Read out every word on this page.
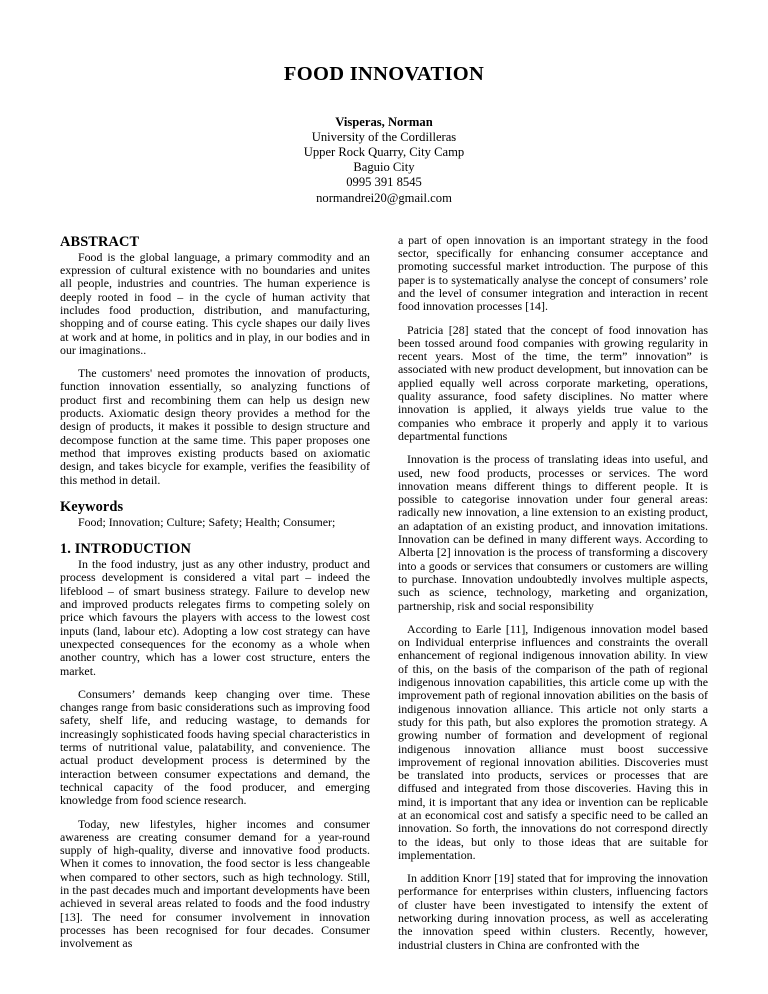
FOOD INNOVATION
Visperas, Norman
University of the Cordilleras
Upper Rock Quarry, City Camp
Baguio City
0995 391 8545
normandrei20@gmail.com
ABSTRACT

Food is the global language, a primary commodity and an expression of cultural existence with no boundaries and unites all people, industries and countries. The human experience is deeply rooted in food – in the cycle of human activity that includes food production, distribution, and manufacturing, shopping and of course eating. This cycle shapes our daily lives at work and at home, in politics and in play, in our bodies and in our imaginations..

The customers' need promotes the innovation of products, function innovation essentially, so analyzing functions of product first and recombining them can help us design new products. Axiomatic design theory provides a method for the design of products, it makes it possible to design structure and decompose function at the same time. This paper proposes one method that improves existing products based on axiomatic design, and takes bicycle for example, verifies the feasibility of this method in detail.

Keywords

Food; Innovation; Culture; Safety; Health; Consumer;

1. INTRODUCTION

In the food industry, just as any other industry, product and process development is considered a vital part – indeed the lifeblood – of smart business strategy. Failure to develop new and improved products relegates firms to competing solely on price which favours the players with access to the lowest cost inputs (land, labour etc). Adopting a low cost strategy can have unexpected consequences for the economy as a whole when another country, which has a lower cost structure, enters the market.

Consumers’ demands keep changing over time. These changes range from basic considerations such as improving food safety, shelf life, and reducing wastage, to demands for increasingly sophisticated foods having special characteristics in terms of nutritional value, palatability, and convenience. The actual product development process is determined by the interaction between consumer expectations and demand, the technical capacity of the food producer, and emerging knowledge from food science research.

Today, new lifestyles, higher incomes and consumer awareness are creating consumer demand for a year-round supply of high-quality, diverse and innovative food products. When it comes to innovation, the food sector is less changeable when compared to other sectors, such as high technology. Still, in the past decades much and important developments have been achieved in several areas related to foods and the food industry [13]. The need for consumer involvement in innovation processes has been recognised for four decades. Consumer involvement as

a part of open innovation is an important strategy in the food sector, specifically for enhancing consumer acceptance and promoting successful market introduction. The purpose of this paper is to systematically analyse the concept of consumers’ role and the level of consumer integration and interaction in recent food innovation processes [14].

Patricia [28] stated that the concept of food innovation has been tossed around food companies with growing regularity in recent years. Most of the time, the term” innovation” is associated with new product development, but innovation can be applied equally well across corporate marketing, operations, quality assurance, food safety disciplines. No matter where innovation is applied, it always yields true value to the companies who embrace it properly and apply it to various departmental functions

Innovation is the process of translating ideas into useful, and used, new food products, processes or services. The word innovation means different things to different people. It is possible to categorise innovation under four general areas: radically new innovation, a line extension to an existing product, an adaptation of an existing product, and innovation imitations. Innovation can be defined in many different ways. According to Alberta [2] innovation is the process of transforming a discovery into a goods or services that consumers or customers are willing to purchase. Innovation undoubtedly involves multiple aspects, such as science, technology, marketing and organization, partnership, risk and social responsibility

According to Earle [11], Indigenous innovation model based on Individual enterprise influences and constraints the overall enhancement of regional indigenous innovation ability. In view of this, on the basis of the comparison of the path of regional indigenous innovation capabilities, this article come up with the improvement path of regional innovation abilities on the basis of indigenous innovation alliance. This article not only starts a study for this path, but also explores the promotion strategy. A growing number of formation and development of regional indigenous innovation alliance must boost successive improvement of regional innovation abilities. Discoveries must be translated into products, services or processes that are diffused and integrated from those discoveries. Having this in mind, it is important that any idea or invention can be replicable at an economical cost and satisfy a specific need to be called an innovation. So forth, the innovations do not correspond directly to the ideas, but only to those ideas that are suitable for implementation.

In addition Knorr [19] stated that for improving the innovation performance for enterprises within clusters, influencing factors of cluster have been investigated to intensify the extent of networking during innovation process, as well as accelerating the innovation speed within clusters. Recently, however, industrial clusters in China are confronted with the
